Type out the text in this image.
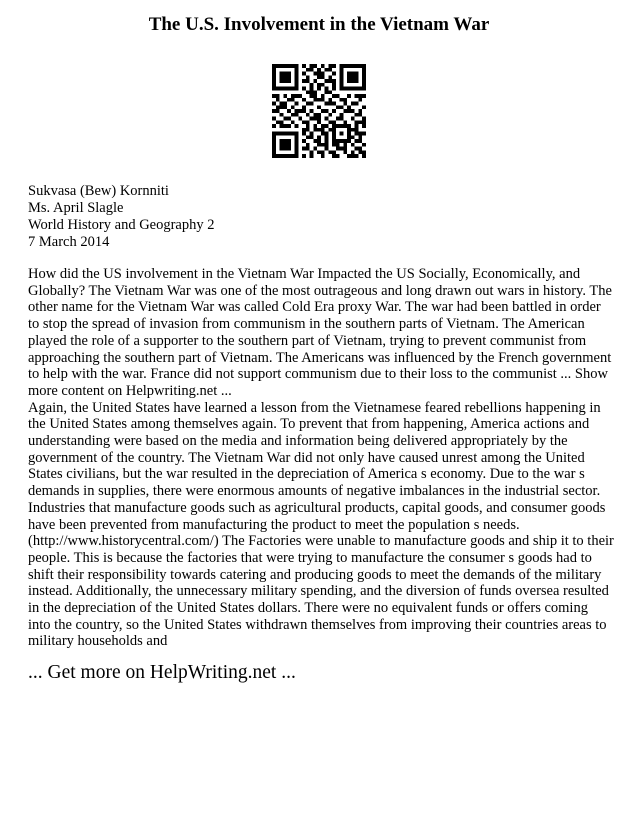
The U.S. Involvement in the Vietnam War
Sukvasa (Bew) Kornniti
Ms. April Slagle
World History and Geography 2
7 March 2014

How did the US involvement in the Vietnam War Impacted the US Socially, Economically, and Globally? The Vietnam War was one of the most outrageous and long drawn out wars in history. The other name for the Vietnam War was called Cold Era proxy War. The war had been battled in order to stop the spread of invasion from communism in the southern parts of Vietnam. The American played the role of a supporter to the southern part of Vietnam, trying to prevent communist from approaching the southern part of Vietnam. The Americans was influenced by the French government to help with the war. France did not support communism due to their loss to the communist ... Show more content on Helpwriting.net ...

Again, the United States have learned a lesson from the Vietnamese feared rebellions happening in the United States among themselves again. To prevent that from happening, America actions and understanding were based on the media and information being delivered appropriately by the government of the country. The Vietnam War did not only have caused unrest among the United States civilians, but the war resulted in the depreciation of America s economy. Due to the war s demands in supplies, there were enormous amounts of negative imbalances in the industrial sector. Industries that manufacture goods such as agricultural products, capital goods, and consumer goods have been prevented from manufacturing the product to meet the population s needs. (http://www.historycentral.com/) The Factories were unable to manufacture goods and ship it to their people. This is because the factories that were trying to manufacture the consumer s goods had to shift their responsibility towards catering and producing goods to meet the demands of the military instead. Additionally, the unnecessary military spending, and the diversion of funds oversea resulted in the depreciation of the United States dollars. There were no equivalent funds or offers coming into the country, so the United States withdrawn themselves from improving their countries areas to military households and

... Get more on HelpWriting.net ...
